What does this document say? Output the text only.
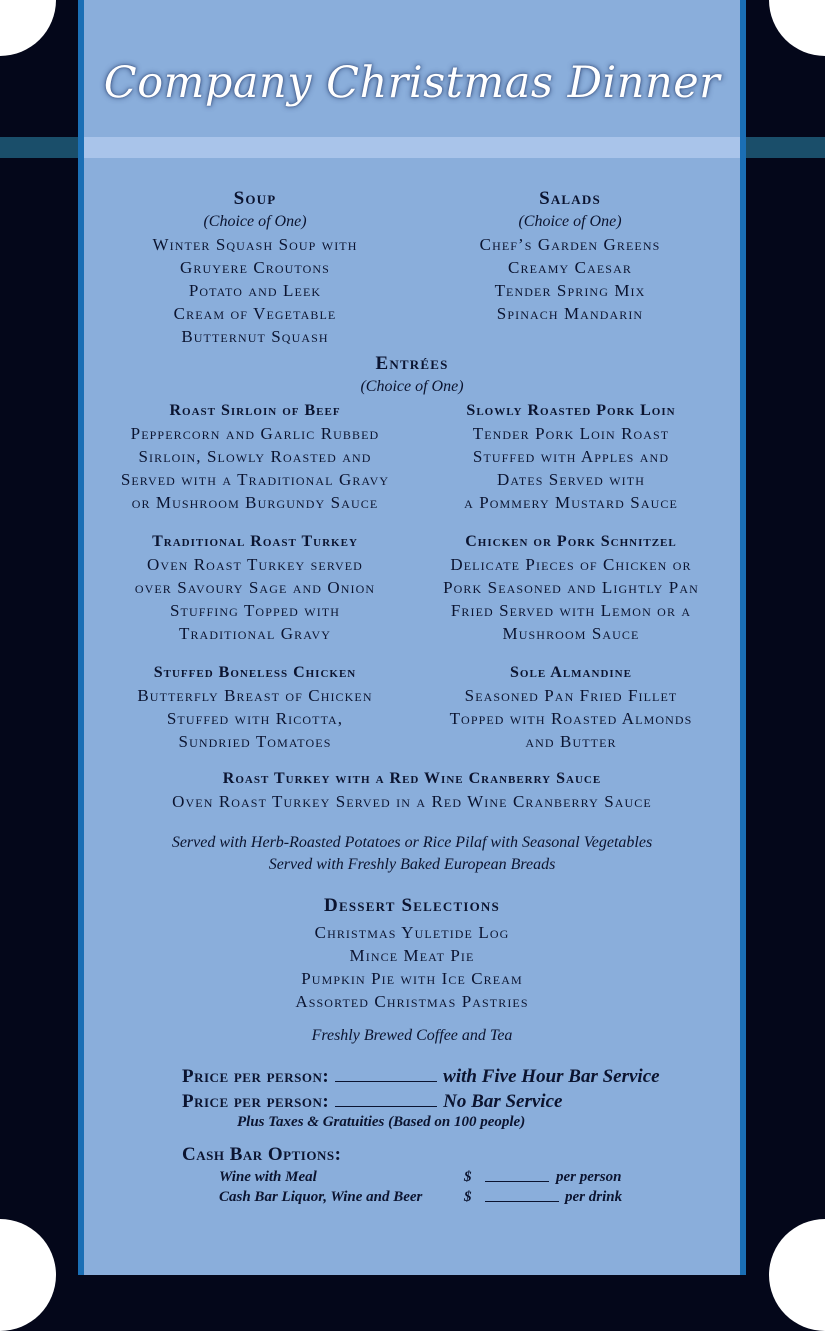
Company Christmas Dinner
Soup
(Choice of One)
Winter Squash Soup with
Gruyere Croutons
Potato and Leek
Cream of Vegetable
Butternut Squash
Salads
(Choice of One)
Chef’s Garden Greens
Creamy Caesar
Tender Spring Mix
Spinach Mandarin
Entrées
(Choice of One)
Roast Sirloin of Beef
Peppercorn and Garlic Rubbed
Sirloin, Slowly Roasted and
Served with a Traditional Gravy
or Mushroom Burgundy Sauce
Slowly Roasted Pork Loin
Tender Pork Loin Roast
Stuffed with Apples and
Dates Served with
a Pommery Mustard Sauce
Traditional Roast Turkey
Oven Roast Turkey served
over Savoury Sage and Onion
Stuffing Topped with
Traditional Gravy
Chicken or Pork Schnitzel
Delicate Pieces of Chicken or
Pork Seasoned and Lightly Pan
Fried Served with Lemon or a
Mushroom Sauce
Stuffed Boneless Chicken
Butterfly Breast of Chicken
Stuffed with Ricotta,
Sundried Tomatoes
Sole Almandine
Seasoned Pan Fried Fillet
Topped with Roasted Almonds
and Butter
Roast Turkey with a Red Wine Cranberry Sauce
Oven Roast Turkey Served in a Red Wine Cranberry Sauce
Served with Herb-Roasted Potatoes or Rice Pilaf with Seasonal Vegetables
Served with Freshly Baked European Breads
Dessert Selections
Christmas Yuletide Log
Mince Meat Pie
Pumpkin Pie with Ice Cream
Assorted Christmas Pastries
Freshly Brewed Coffee and Tea
Price per person:	with Five Hour Bar Service
Price per person:	No Bar Service
Plus Taxes & Gratuities (Based on 100 people)
Cash Bar Options:
Wine with Meal	$	per person
Cash Bar Liquor, Wine and Beer	$	per drink
